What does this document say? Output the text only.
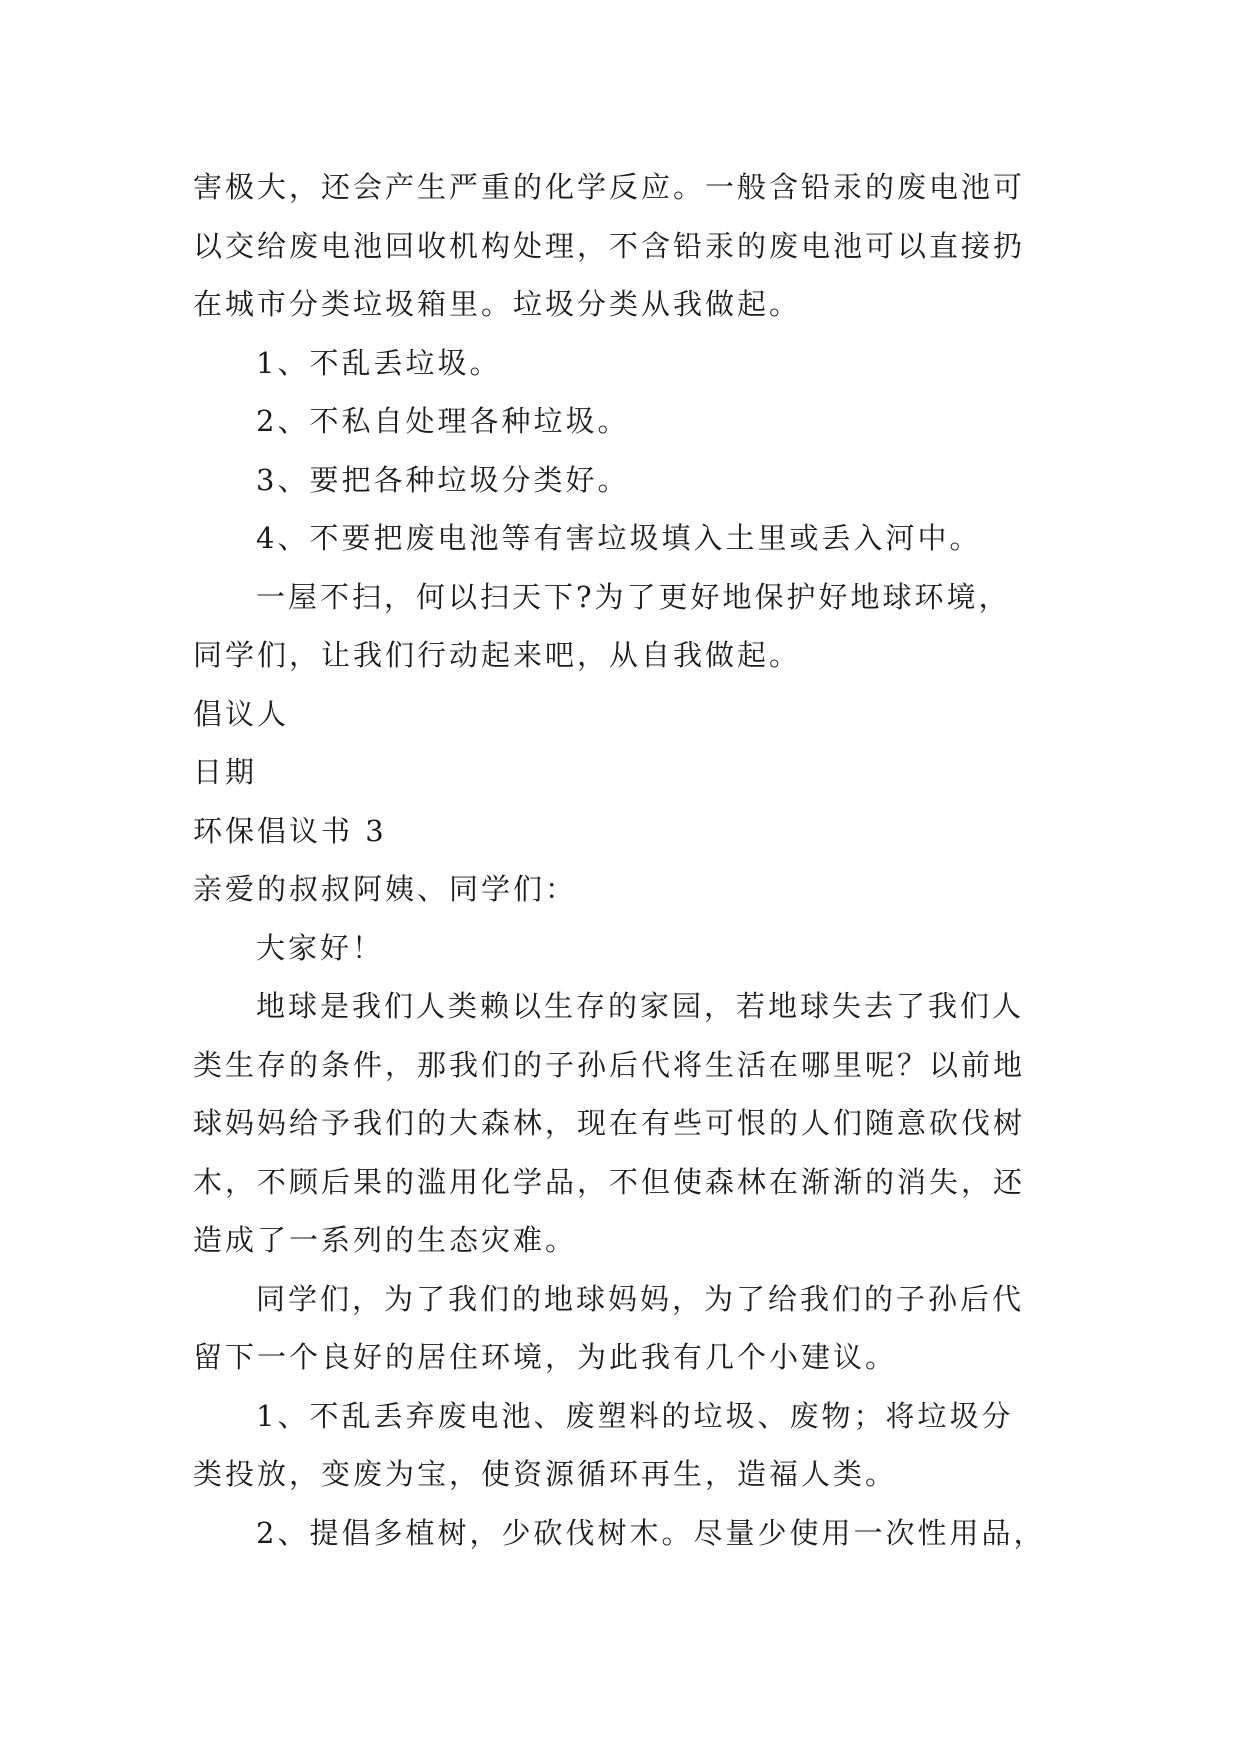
害极大，还会产生严重的化学反应。一般含铅汞的废电池可
以交给废电池回收机构处理，不含铅汞的废电池可以直接扔
在城市分类垃圾箱里。垃圾分类从我做起。
1、不乱丢垃圾。
2、不私自处理各种垃圾。
3、要把各种垃圾分类好。
4、不要把废电池等有害垃圾填入土里或丢入河中。
一屋不扫，何以扫天下?为了更好地保护好地球环境，
同学们，让我们行动起来吧，从自我做起。
倡议人
日期
环保倡议书 3
亲爱的叔叔阿姨、同学们：
大家好！
地球是我们人类赖以生存的家园，若地球失去了我们人
类生存的条件，那我们的子孙后代将生活在哪里呢？以前地
球妈妈给予我们的大森林，现在有些可恨的人们随意砍伐树
木，不顾后果的滥用化学品，不但使森林在渐渐的消失，还
造成了一系列的生态灾难。
同学们，为了我们的地球妈妈，为了给我们的子孙后代
留下一个良好的居住环境，为此我有几个小建议。
1、不乱丢弃废电池、废塑料的垃圾、废物；将垃圾分
类投放，变废为宝，使资源循环再生，造福人类。
2、提倡多植树，少砍伐树木。尽量少使用一次性用品，
